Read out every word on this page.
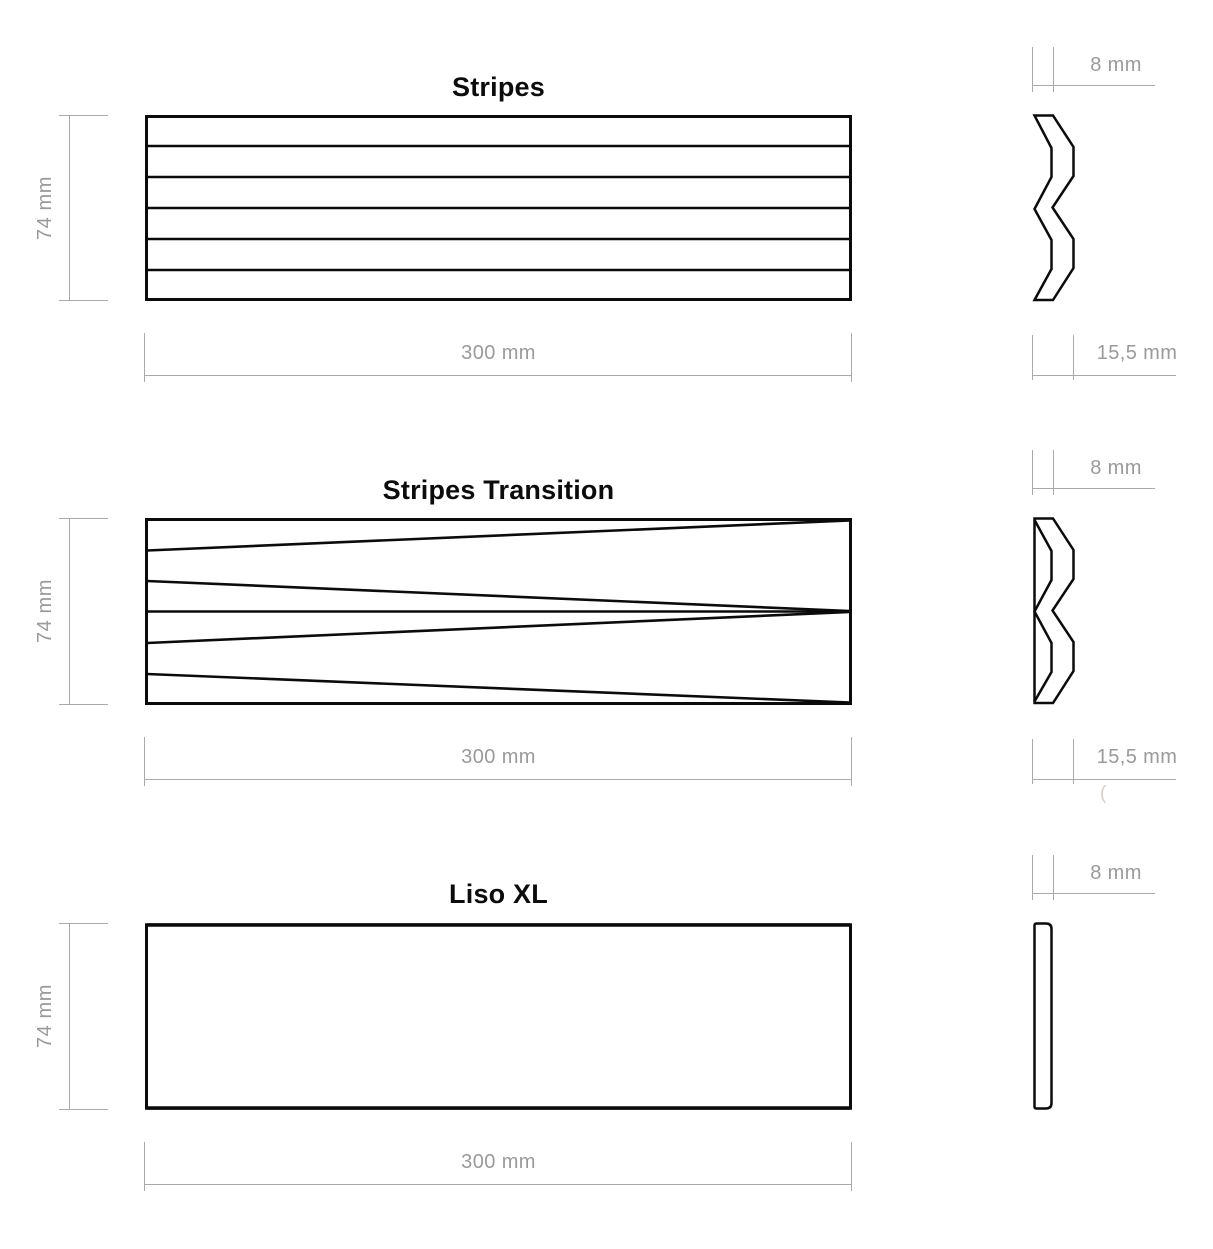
Stripes
74 mm
300 mm
8 mm
15,5 mm
Stripes Transition
74 mm
300 mm
8 mm
15,5 mm
(
Liso XL
74 mm
300 mm
8 mm
